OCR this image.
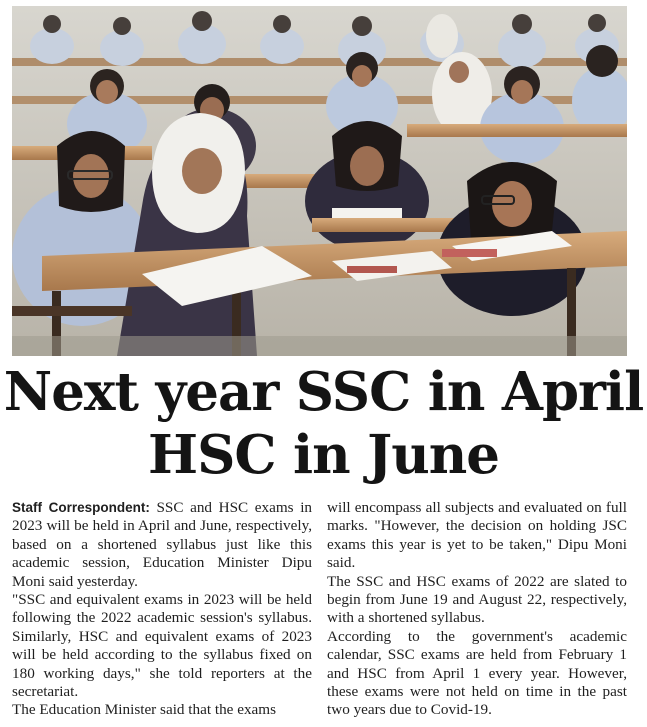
Next year SSC in April
HSC in June

Staff Correspondent: SSC and HSC exams in 2023 will be held in April and June, respectively, based on a shortened syllabus just like this academic session, Education Minister Dipu Moni said yesterday.

"SSC and equivalent exams in 2023 will be held following the 2022 academic session's syllabus. Similarly, HSC and equivalent exams of 2023 will be held according to the syllabus fixed on 180 working days," she told reporters at the secretariat.

The Education Minister said that the exams

will encompass all subjects and evaluated on full marks. "However, the decision on holding JSC exams this year is yet to be taken," Dipu Moni said.

The SSC and HSC exams of 2022 are slated to begin from June 19 and August 22, respectively, with a shortened syllabus.

According to the government's academic calendar, SSC exams are held from February 1 and HSC from April 1 every year. However, these exams were not held on time in the past two years due to Covid-19.
